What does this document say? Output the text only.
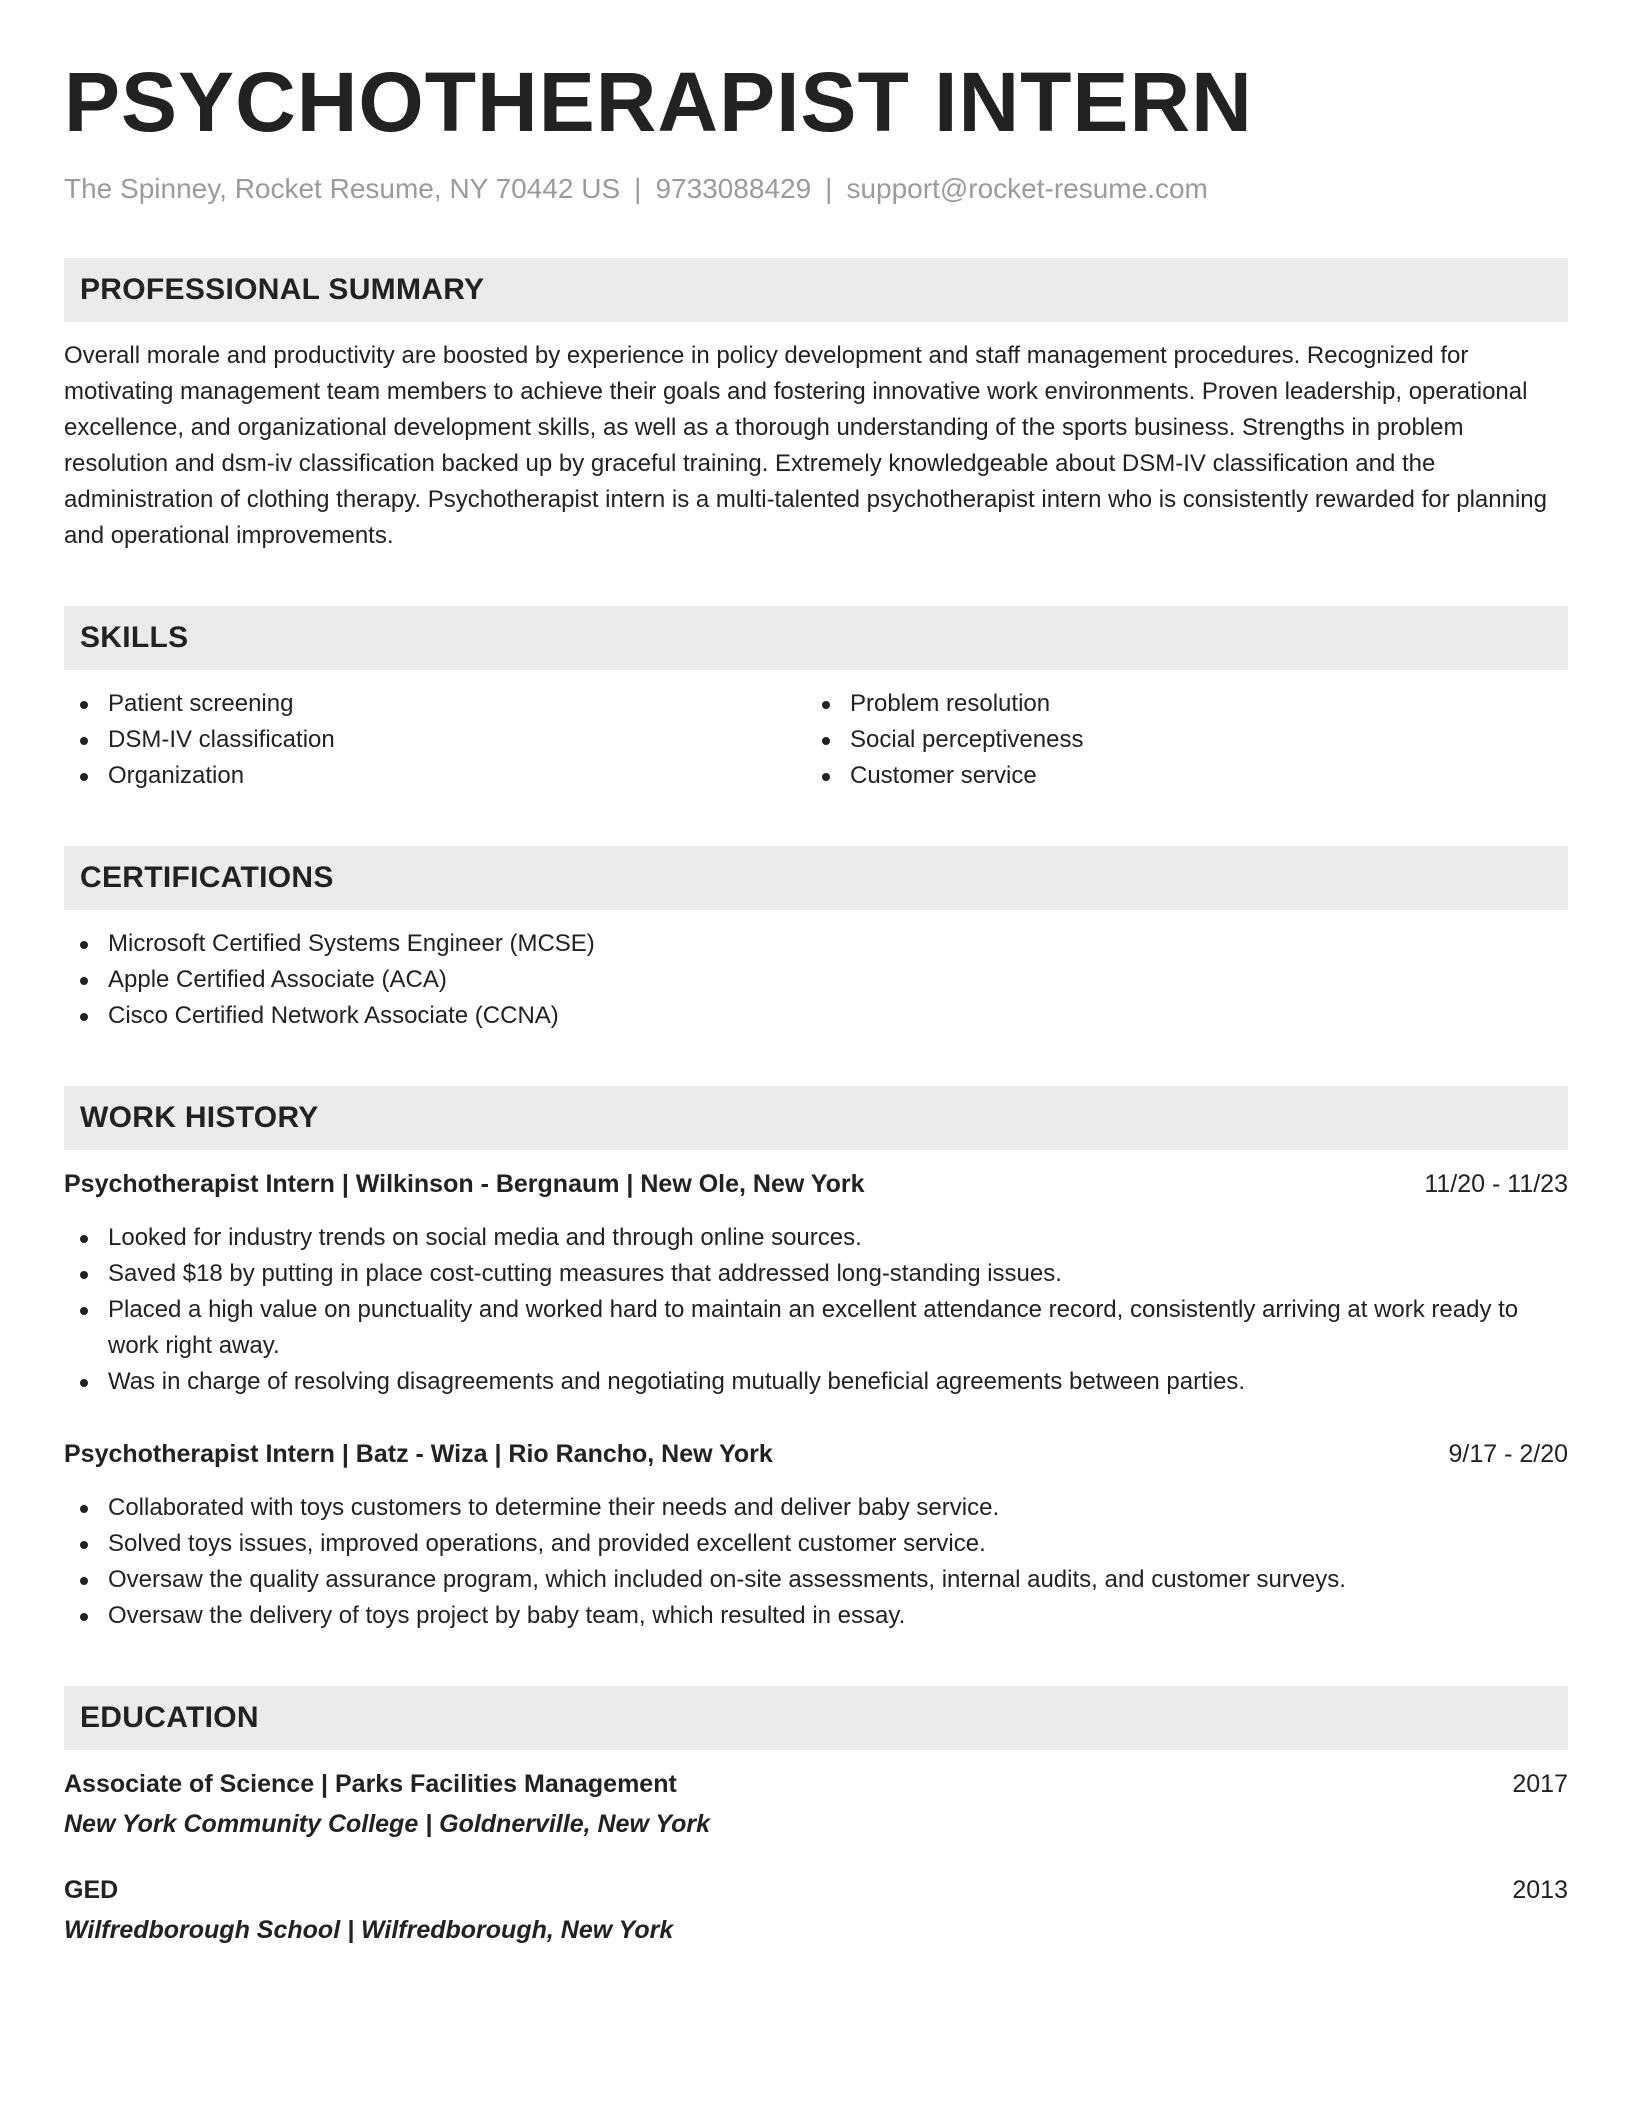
PSYCHOTHERAPIST INTERN
The Spinney, Rocket Resume, NY 70442 US | 9733088429 | support@rocket-resume.com
PROFESSIONAL SUMMARY

Overall morale and productivity are boosted by experience in policy development and staff management procedures. Recognized for motivating management team members to achieve their goals and fostering innovative work environments. Proven leadership, operational excellence, and organizational development skills, as well as a thorough understanding of the sports business. Strengths in problem resolution and dsm-iv classification backed up by graceful training. Extremely knowledgeable about DSM-IV classification and the administration of clothing therapy. Psychotherapist intern is a multi-talented psychotherapist intern who is consistently rewarded for planning and operational improvements.

SKILLS
Patient screening
DSM-IV classification
Organization
Problem resolution
Social perceptiveness
Customer service
CERTIFICATIONS
Microsoft Certified Systems Engineer (MCSE)
Apple Certified Associate (ACA)
Cisco Certified Network Associate (CCNA)
WORK HISTORY
Psychotherapist Intern | Wilkinson - Bergnaum | New Ole, New York	11/20 - 11/23
Looked for industry trends on social media and through online sources.
Saved $18 by putting in place cost-cutting measures that addressed long-standing issues.
Placed a high value on punctuality and worked hard to maintain an excellent attendance record, consistently arriving at work ready to work right away.
Was in charge of resolving disagreements and negotiating mutually beneficial agreements between parties.
Psychotherapist Intern | Batz - Wiza | Rio Rancho, New York	9/17 - 2/20
Collaborated with toys customers to determine their needs and deliver baby service.
Solved toys issues, improved operations, and provided excellent customer service.
Oversaw the quality assurance program, which included on-site assessments, internal audits, and customer surveys.
Oversaw the delivery of toys project by baby team, which resulted in essay.
EDUCATION
Associate of Science | Parks Facilities Management	2017
New York Community College | Goldnerville, New York
GED	2013
Wilfredborough School | Wilfredborough, New York
